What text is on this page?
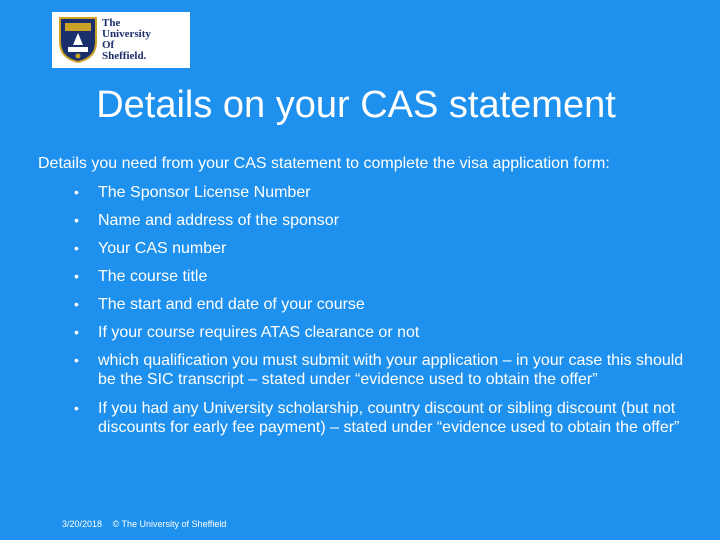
The
University
Of
Sheffield.
Details on your CAS statement
Details you need from your CAS statement to complete the visa application form:
• The Sponsor License Number
• Name and address of the sponsor
• Your CAS number
• The course title
• The start and end date of your course
• If your course requires ATAS clearance or not
• which qualification you must submit with your application – in your case this should be the SIC transcript – stated under “evidence used to obtain the offer”
• If you had any University scholarship, country discount or sibling discount (but not discounts for early fee payment) – stated under “evidence used to obtain the offer”
3/20/2018 © The University of Sheffield
